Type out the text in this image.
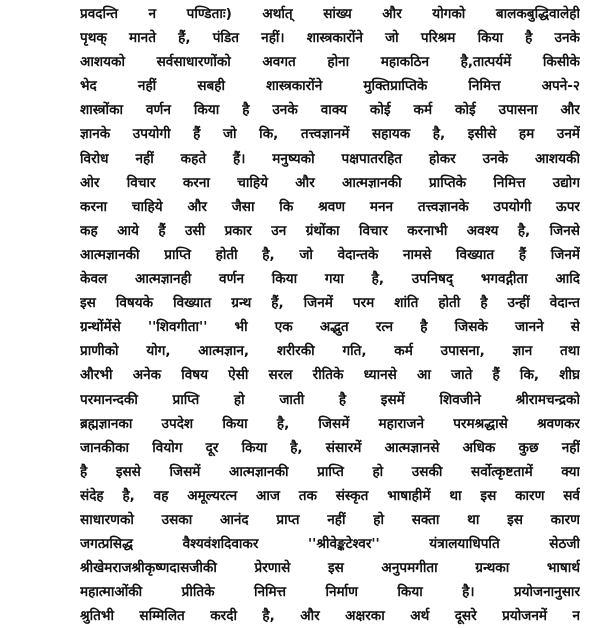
प्रवदन्ति न पण्डिताः) अर्थात् सांख्य और योगको बालकबुद्धिवालेही
पृथक् मानते हैं, पंडित नहीं। शास्त्रकारोंने जो परिश्रम किया है उनके
आशयको सर्वसाधारणोंको अवगत होना महाकठिन है,तात्पर्यमें किसीके
भेद नहीं सबही शास्त्रकारोंने मुक्तिप्राप्तिके निमित्त अपने-२
शास्त्रोंका वर्णन किया है उनके वाक्य कोई कर्म कोई उपासना और
ज्ञानके उपयोगी हैं जो कि, तत्त्वज्ञानमें सहायक है, इसीसे हम उनमें
विरोध नहीं कहते हैं। मनुष्यको पक्षपातरहित होकर उनके आशयकी
ओर विचार करना चाहिये और आत्मज्ञानकी प्राप्तिके निमित्त उद्योग
करना चाहिये और जैसा कि श्रवण मनन तत्त्वज्ञानके उपयोगी ऊपर
कह आये हैं उसी प्रकार उन ग्रंथोंका विचार करनाभी अवश्य है, जिनसे
आत्मज्ञानकी प्राप्ति होती है, जो वेदान्तके नामसे विख्यात हैं जिनमें
केवल आत्मज्ञानही वर्णन किया गया है, उपनिषद् भगवद्गीता आदि
इस विषयके विख्यात ग्रन्थ हैं, जिनमें परम शांति होती है उन्हीं वेदान्त
ग्रन्थोंमेंसे ''शिवगीता'' भी एक अद्भुत रत्न है जिसके जानने से
प्राणीको योग, आत्मज्ञान, शरीरकी गति, कर्म उपासना, ज्ञान तथा
औरभी अनेक विषय ऐसी सरल रीतिके ध्यानसे आ जाते हैं कि, शीघ्र
परमानन्दकी प्राप्ति हो जाती है इसमें शिवजीने श्रीरामचन्द्रको
ब्रह्मज्ञानका उपदेश किया है, जिसमें महाराजने परमश्रद्धासे श्रवणकर
जानकीका वियोग दूर किया है, संसारमें आत्मज्ञानसे अधिक कुछ नहीं
है इससे जिसमें आत्मज्ञानकी प्राप्ति हो उसकी सर्वोत्कृष्टतामें क्या
संदेह है, वह अमूल्यरत्न आज तक संस्कृत भाषाहीमें था इस कारण सर्व
साधारणको उसका आनंद प्राप्त नहीं हो सक्ता था इस कारण
जगत्प्रसिद्ध वैश्यवंशदिवाकर ''श्रीवेङ्कटेश्वर'' यंत्रालयाधिपति सेठजी
श्रीखेमराजश्रीकृष्णदासजीकी प्रेरणासे इस अनुपमगीता ग्रन्थका भाषार्थ
महात्माओंकी प्रीतिके निमित्त निर्माण किया है। प्रयोजनानुसार
श्रुतिभी सम्मिलित करदी है, और अक्षरका अर्थ दूसरे प्रयोजनमें न
